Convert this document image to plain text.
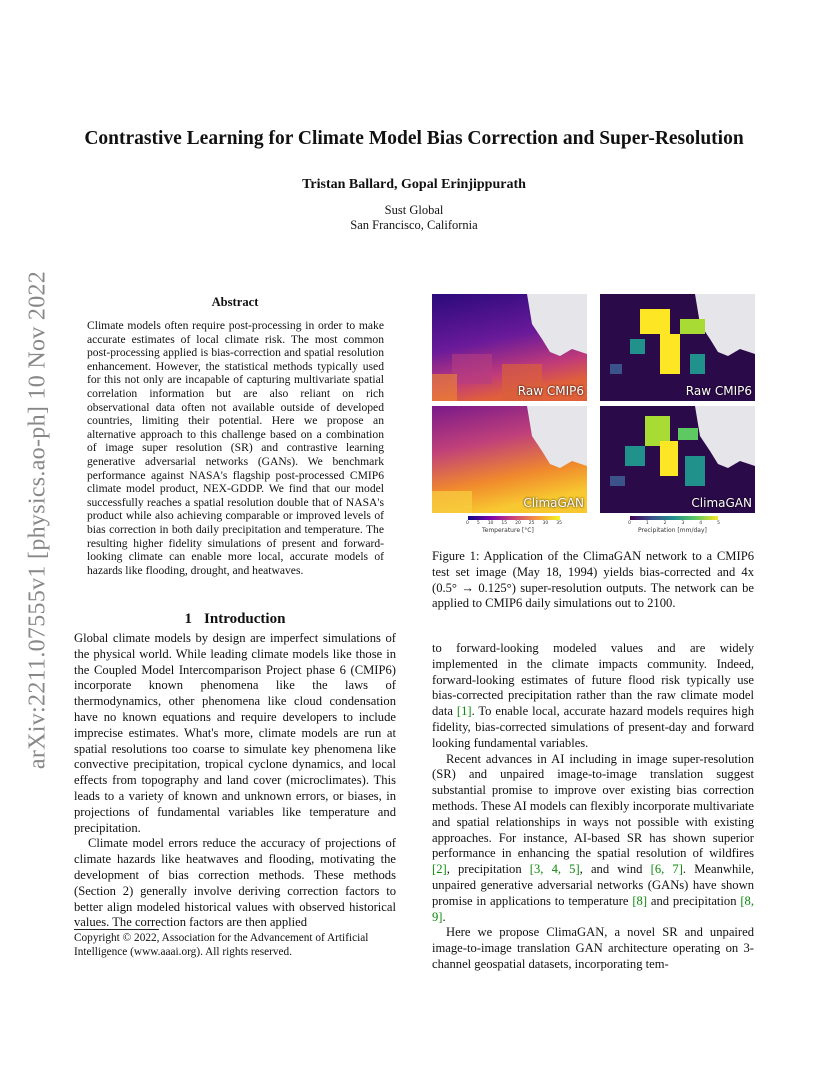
arXiv:2211.07555v1 [physics.ao-ph] 10 Nov 2022
Contrastive Learning for Climate Model Bias Correction and Super-Resolution
Tristan Ballard, Gopal Erinjippurath
Sust Global
San Francisco, California
Abstract
Climate models often require post-processing in order to make accurate estimates of local climate risk. The most common post-processing applied is bias-correction and spatial resolution enhancement. However, the statistical methods typically used for this not only are incapable of capturing multivariate spatial correlation information but are also reliant on rich observational data often not available outside of developed countries, limiting their potential. Here we propose an alternative approach to this challenge based on a combination of image super resolution (SR) and contrastive learning generative adversarial networks (GANs). We benchmark performance against NASA's flagship post-processed CMIP6 climate model product, NEX-GDDP. We find that our model successfully reaches a spatial resolution double that of NASA's product while also achieving comparable or improved levels of bias correction in both daily precipitation and temperature. The resulting higher fidelity simulations of present and forward-looking climate can enable more local, accurate models of hazards like flooding, drought, and heatwaves.
1 Introduction

Global climate models by design are imperfect simulations of the physical world. While leading climate models like those in the Coupled Model Intercomparison Project phase 6 (CMIP6) incorporate known phenomena like the laws of thermodynamics, other phenomena like cloud condensation have no known equations and require developers to include imprecise estimates. What's more, climate models are run at spatial resolutions too coarse to simulate key phenomena like convective precipitation, tropical cyclone dynamics, and local effects from topography and land cover (microclimates). This leads to a variety of known and unknown errors, or biases, in projections of fundamental variables like temperature and precipitation.

Climate model errors reduce the accuracy of projections of climate hazards like heatwaves and flooding, motivating the development of bias correction methods. These methods (Section 2) generally involve deriving correction factors to better align modeled historical values with observed historical values. The correction factors are then applied

Copyright © 2022, Association for the Advancement of Artificial Intelligence (www.aaai.org). All rights reserved.
Raw CMIP6	Raw CMIP6
ClimaGAN	ClimaGAN
0 5 10 15 20 25 30 35
Temperature [°C]
0	1	2	3	4	5
Precipitation [mm/day]
Figure 1: Application of the ClimaGAN network to a CMIP6 test set image (May 18, 1994) yields bias-corrected and 4x (0.5° → 0.125°) super-resolution outputs. The network can be applied to CMIP6 daily simulations out to 2100.

to forward-looking modeled values and are widely implemented in the climate impacts community. Indeed, forward-looking estimates of future flood risk typically use bias-corrected precipitation rather than the raw climate model data [1]. To enable local, accurate hazard models requires high fidelity, bias-corrected simulations of present-day and forward looking fundamental variables.

Recent advances in AI including in image super-resolution (SR) and unpaired image-to-image translation suggest substantial promise to improve over existing bias correction methods. These AI models can flexibly incorporate multivariate and spatial relationships in ways not possible with existing approaches. For instance, AI-based SR has shown superior performance in enhancing the spatial resolution of wildfires [2], precipitation [3, 4, 5], and wind [6, 7]. Meanwhile, unpaired generative adversarial networks (GANs) have shown promise in applications to temperature [8] and precipitation [8, 9].

Here we propose ClimaGAN, a novel SR and unpaired image-to-image translation GAN architecture operating on 3-channel geospatial datasets, incorporating tem-
